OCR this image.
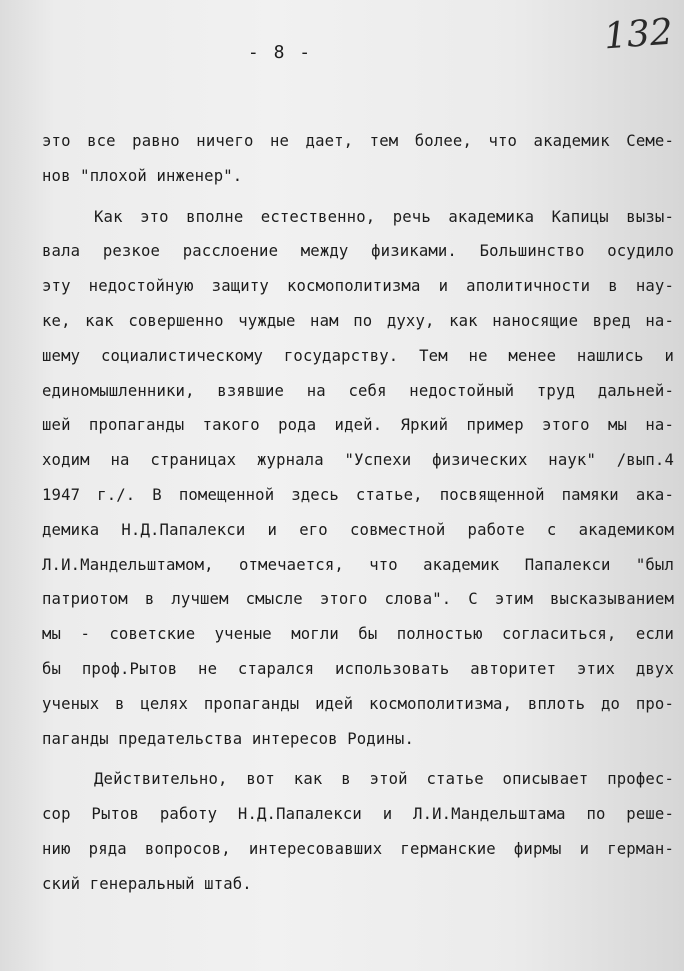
- 8 -	132
это все равно ничего не дает, тем более, что академик Семе-
нов "плохой инженер".
Как это вполне естественно, речь академика Капицы вызы-
вала резкое расслоение между физиками. Большинство осудило
эту недостойную защиту космополитизма и аполитичности в нау-
ке, как совершенно чуждые нам по духу, как наносящие вред на-
шему социалистическому государству. Тем не менее нашлись и
единомышленники, взявшие на себя недостойный труд дальней-
шей пропаганды такого рода идей. Яркий пример этого мы на-
ходим на страницах журнала "Успехи физических наук" /вып.4
1947 г./. В помещенной здесь статье, посвященной памяки ака-
демика Н.Д.Папалекси и его совместной работе с академиком
Л.И.Мандельштамом, отмечается, что академик Папалекси "был
патриотом в лучшем смысле этого слова". С этим высказыванием
мы - советские ученые могли бы полностью согласиться, если
бы проф.Рытов не старался использовать авторитет этих двух
ученых в целях пропаганды идей космополитизма, вплоть до про-
паганды предательства интересов Родины.
Действительно, вот как в этой статье описывает профес-
сор Рытов работу Н.Д.Папалекси и Л.И.Мандельштама по реше-
нию ряда вопросов, интересовавших германские фирмы и герман-
ский генеральный штаб.
